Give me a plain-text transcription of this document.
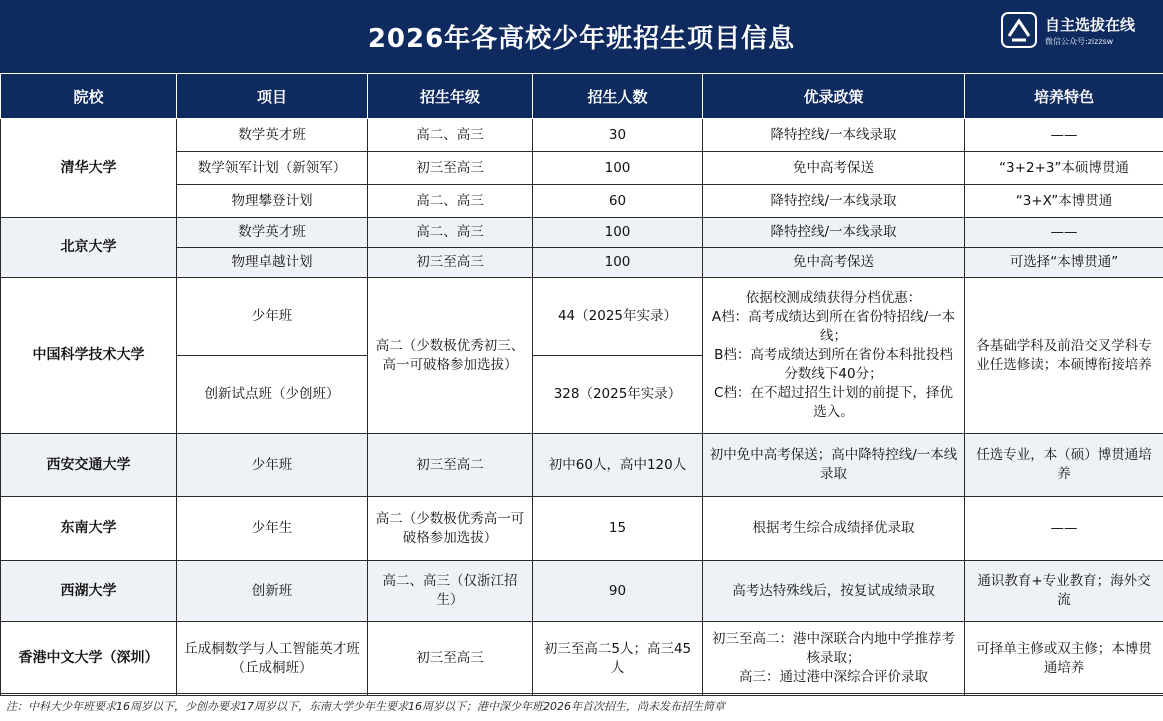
2026年各高校少年班招生项目信息	自主选拔在线
微信公众号:zizzsw
院校	项目	招生年级	招生人数	优录政策	培养特色
清华大学	数学英才班	高二、高三	30	降特控线/一本线录取	——
	数学领军计划（新领军）	初三至高三	100	免中高考保送	“3+2+3”本硕博贯通
	物理攀登计划	高二、高三	60	降特控线/一本线录取	“3+X”本博贯通
北京大学	数学英才班	高二、高三	100	降特控线/一本线录取	——
	物理卓越计划	初三至高三	100	免中高考保送	可选择“本博贯通”
中国科学技术大学	少年班	高二（少数极优秀初三、高一可破格参加选拔）	44（2025年实录）	依据校测成绩获得分档优惠：
A档：高考成绩达到所在省份特招线/一本线；
B档：高考成绩达到所在省份本科批投档分数线下40分；
C档：在不超过招生计划的前提下，择优选入。	各基础学科及前沿交叉学科专业任选修读；本硕博衔接培养
	创新试点班（少创班）		328（2025年实录）		
西安交通大学	少年班	初三至高二	初中60人，高中120人	初中免中高考保送；高中降特控线/一本线录取	任选专业，本（硕）博贯通培养
东南大学	少年生	高二（少数极优秀高一可破格参加选拔）	15	根据考生综合成绩择优录取	——
西湖大学	创新班	高二、高三（仅浙江招生）	90	高考达特殊线后，按复试成绩录取	通识教育+专业教育；海外交流
香港中文大学（深圳）	丘成桐数学与人工智能英才班（丘成桐班）	初三至高三	初三至高二5人；高三45人	初三至高二：港中深联合内地中学推荐考核录取；
高三：通过港中深综合评价录取	可择单主修或双主修；本博贯通培养
注：中科大少年班要求16周岁以下，少创办要求17周岁以下，东南大学少年生要求16周岁以下；港中深少年班2026年首次招生，尚未发布招生简章
